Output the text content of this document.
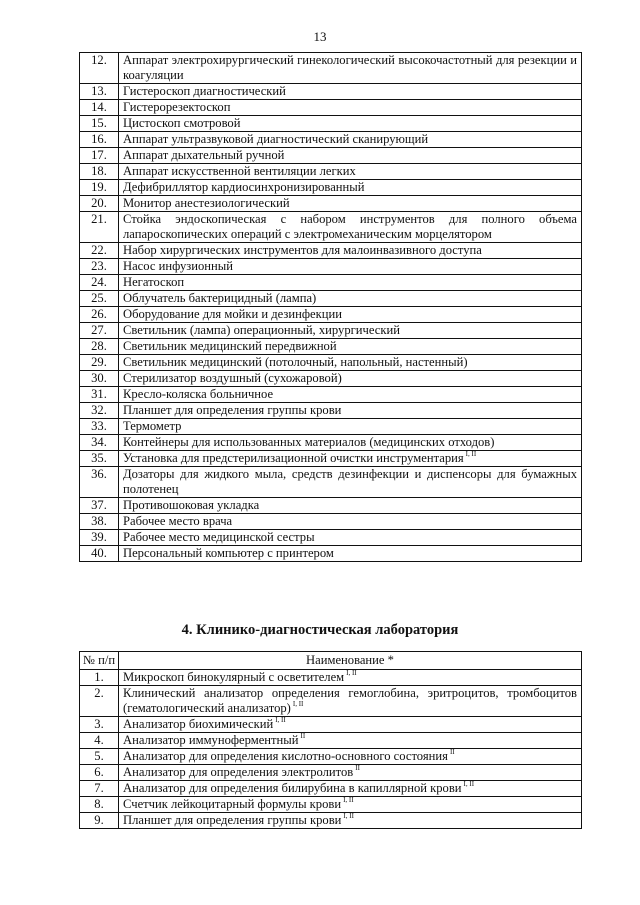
13
12.	Аппарат электрохирургический гинекологический высокочастотный для резекции и коагуляции
13.	Гистероскоп диагностический
14.	Гистерорезектоскоп
15.	Цистоскоп смотровой
16.	Аппарат ультразвуковой диагностический сканирующий
17.	Аппарат дыхательный ручной
18.	Аппарат искусственной вентиляции легких
19.	Дефибриллятор кардиосинхронизированный
20.	Монитор анестезиологический
21.	Стойка эндоскопическая с набором инструментов для полного объема лапароскопических операций с электромеханическим морцелятором
22.	Набор хирургических инструментов для малоинвазивного доступа
23.	Насос инфузионный
24.	Негатоскоп
25.	Облучатель бактерицидный (лампа)
26.	Оборудование для мойки и дезинфекции
27.	Светильник (лампа) операционный, хирургический
28.	Светильник медицинский передвижной
29.	Светильник медицинский (потолочный, напольный, настенный)
30.	Стерилизатор воздушный (сухожаровой)
31.	Кресло-коляска больничное
32.	Планшет для определения группы крови
33.	Термометр
34.	Контейнеры для использованных материалов (медицинских отходов)
35.	Установка для предстерилизационной очистки инструментария $^{I, II}$
36.	Дозаторы для жидкого мыла, средств дезинфекции и диспенсоры для бумажных полотенец
37.	Противошоковая укладка
38.	Рабочее место врача
39.	Рабочее место медицинской сестры
40.	Персональный компьютер с принтером
4. Клинико-диагностическая лаборатория
№ п/п	Наименование *
1.	Микроскоп бинокулярный с осветителем $^{I, II}$
2.	Клинический анализатор определения гемоглобина, эритроцитов, тромбоцитов (гематологический анализатор) $^{I, II}$
3.	Анализатор биохимический $^{I, II}$
4.	Анализатор иммуноферментный $^{II}$
5.	Анализатор для определения кислотно-основного состояния $^{II}$
6.	Анализатор для определения электролитов $^{II}$
7.	Анализатор для определения билирубина в капиллярной крови $^{I, II}$
8.	Счетчик лейкоцитарный формулы крови $^{I, II}$
9.	Планшет для определения группы крови $^{I, II}$
